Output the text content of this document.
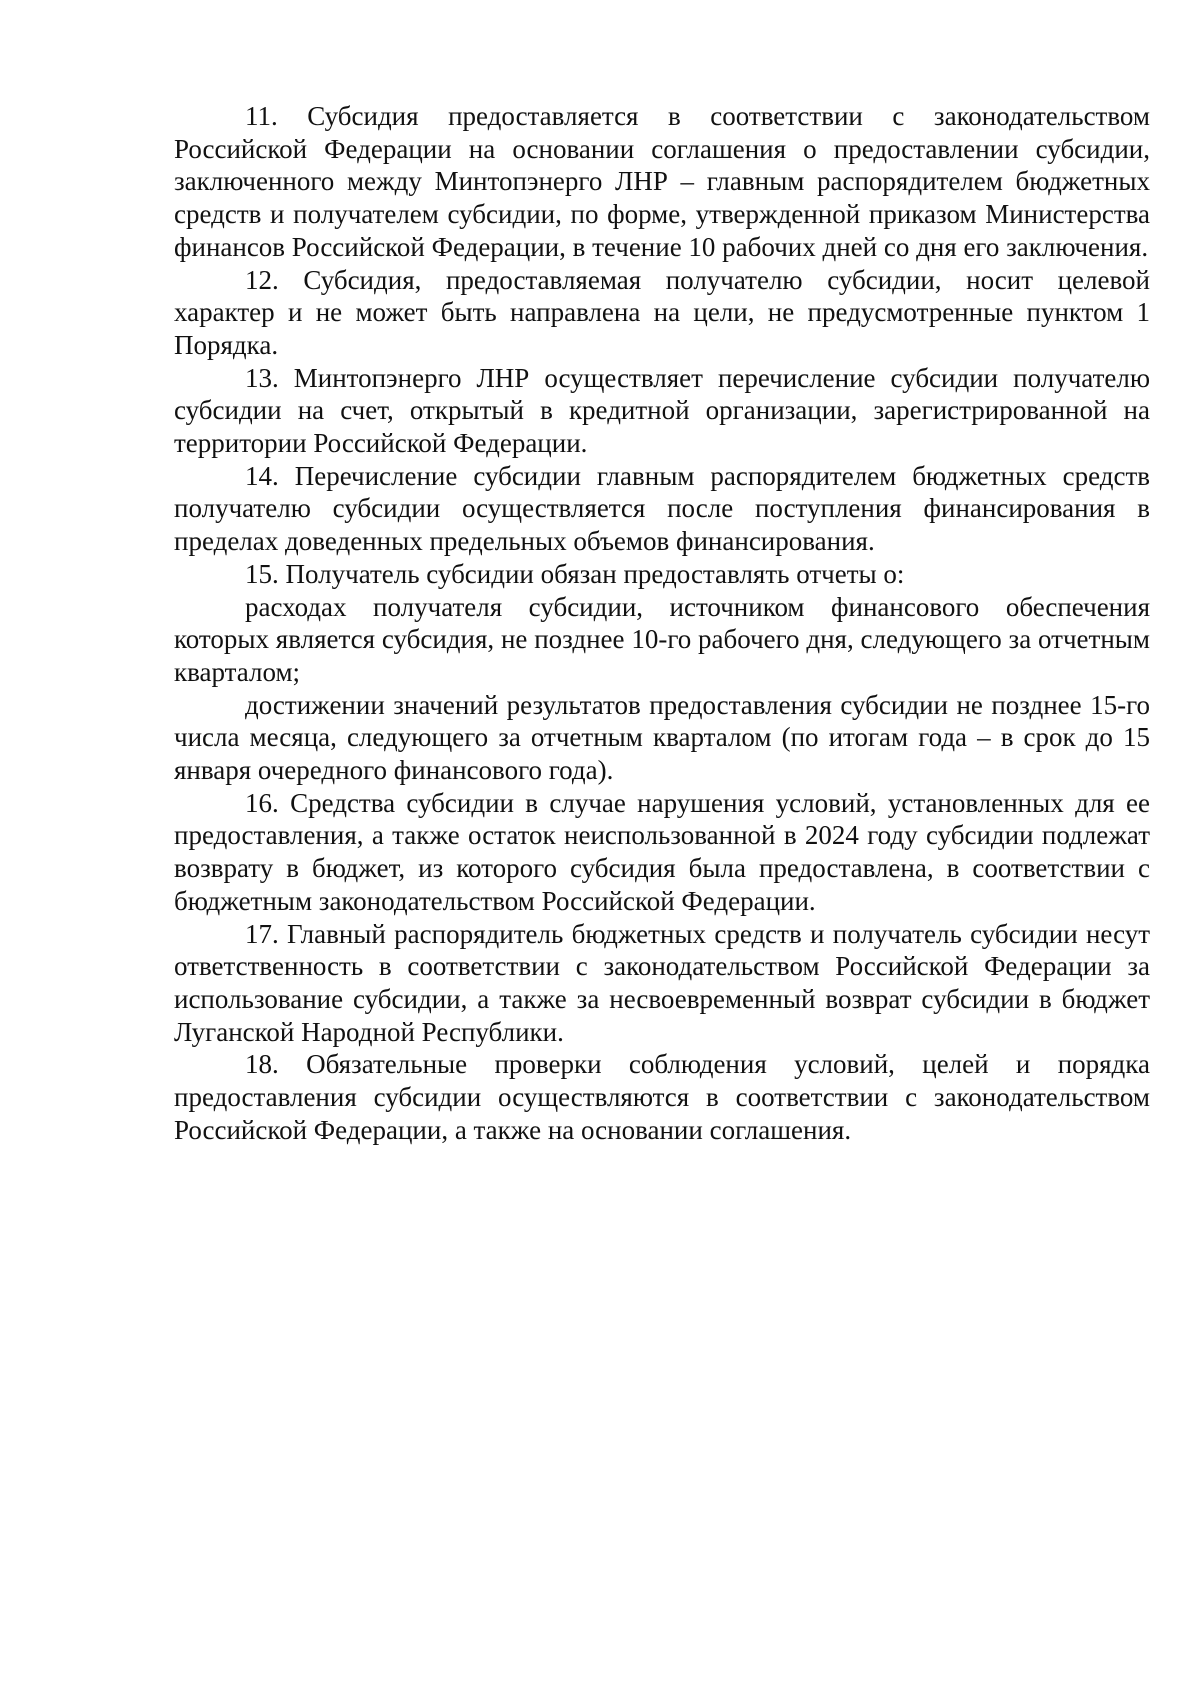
11. Субсидия предоставляется в соответствии с законодательством Российской Федерации на основании соглашения о предоставлении субсидии, заключенного между Минтопэнерго ЛНР – главным распорядителем бюджетных средств и получателем субсидии, по форме, утвержденной приказом Министерства финансов Российской Федерации, в течение 10 рабочих дней со дня его заключения.

12. Субсидия, предоставляемая получателю субсидии, носит целевой характер и не может быть направлена на цели, не предусмотренные пунктом 1 Порядка.

13. Минтопэнерго ЛНР осуществляет перечисление субсидии получателю субсидии на счет, открытый в кредитной организации, зарегистрированной на территории Российской Федерации.

14. Перечисление субсидии главным распорядителем бюджетных средств получателю субсидии осуществляется после поступления финансирования в пределах доведенных предельных объемов финансирования.

15. Получатель субсидии обязан предоставлять отчеты о:

расходах получателя субсидии, источником финансового обеспечения которых является субсидия, не позднее 10-го рабочего дня, следующего за отчетным кварталом;

достижении значений результатов предоставления субсидии не позднее 15-го числа месяца, следующего за отчетным кварталом (по итогам года – в срок до 15 января очередного финансового года).

16. Средства субсидии в случае нарушения условий, установленных для ее предоставления, а также остаток неиспользованной в 2024 году субсидии подлежат возврату в бюджет, из которого субсидия была предоставлена, в соответствии с бюджетным законодательством Российской Федерации.

17. Главный распорядитель бюджетных средств и получатель субсидии несут ответственность в соответствии с законодательством Российской Федерации за использование субсидии, а также за несвоевременный возврат субсидии в бюджет Луганской Народной Республики.

18. Обязательные проверки соблюдения условий, целей и порядка предоставления субсидии осуществляются в соответствии с законодательством Российской Федерации, а также на основании соглашения.
